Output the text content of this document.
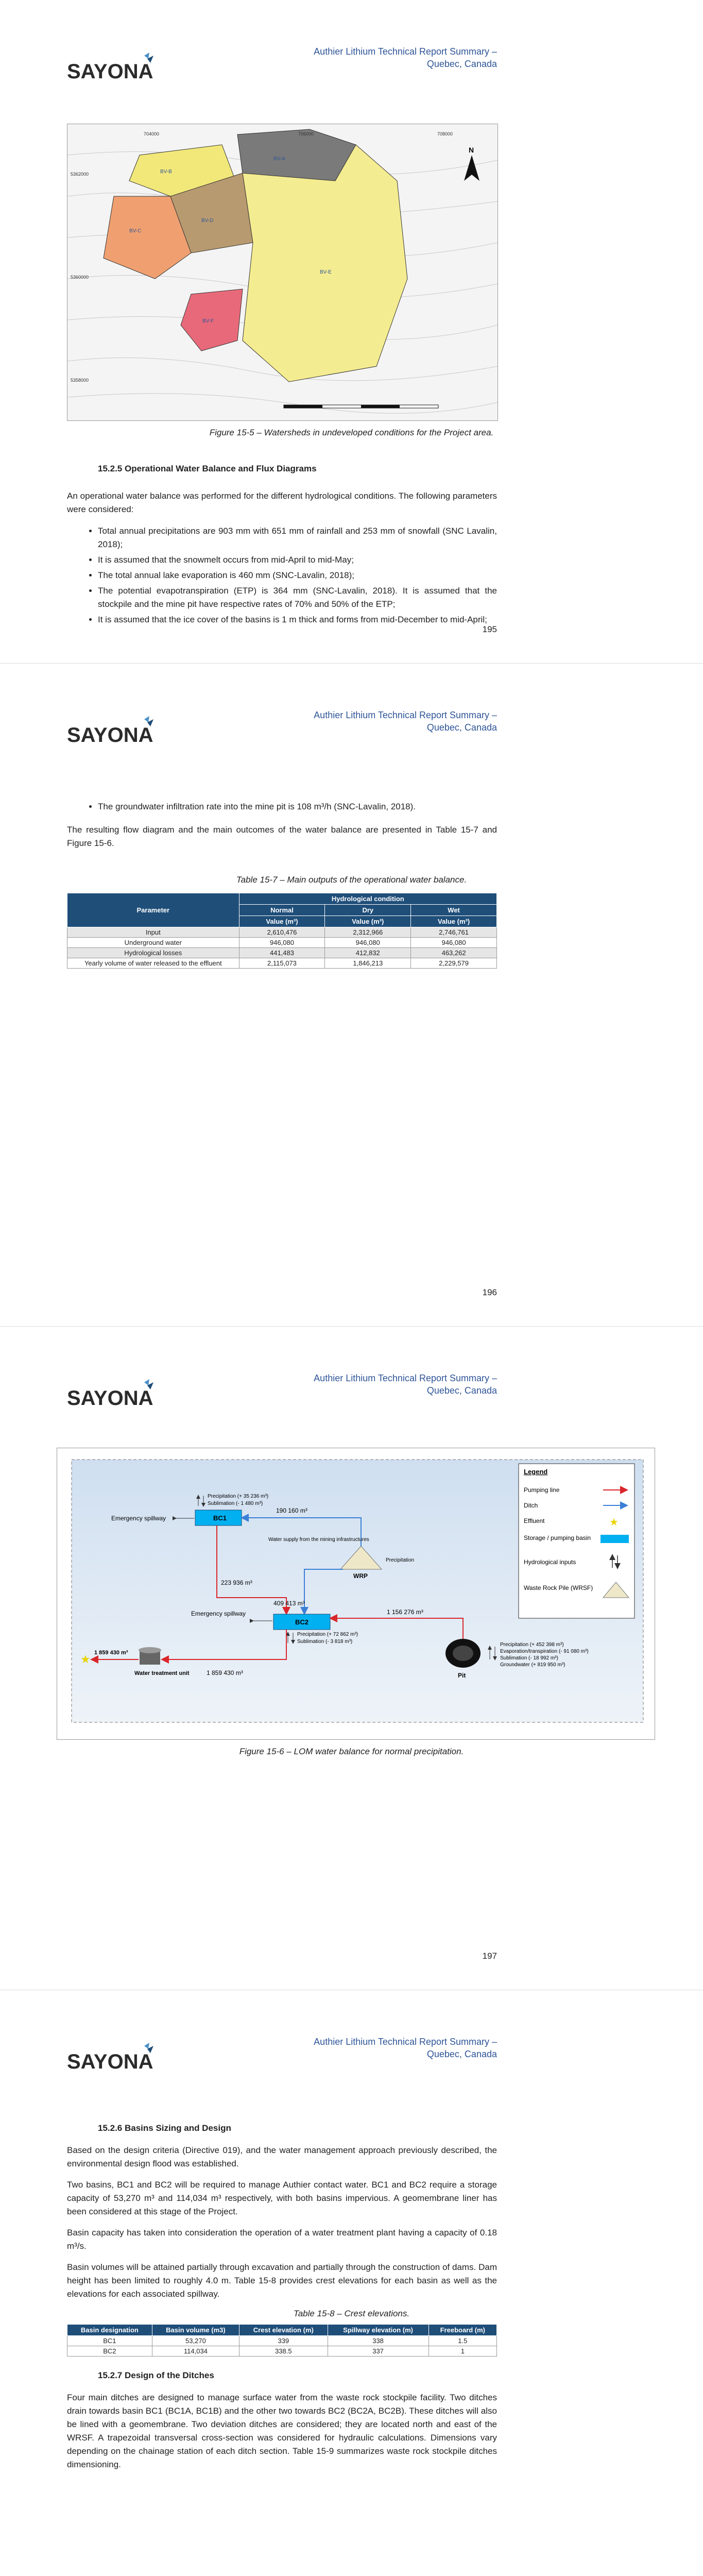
SAYONA
Authier Lithium Technical Report Summary –
Quebec, Canada
704000	706000	708000
5362000
5360000
5358000
BV-A
BV-B
BV-C
BV-D
BV-E
BV-F
N
Figure 15-5 – Watersheds in undeveloped conditions for the Project area.
15.2.5 Operational Water Balance and Flux Diagrams
An operational water balance was performed for the different hydrological conditions. The following parameters were considered:
• Total annual precipitations are 903 mm with 651 mm of rainfall and 253 mm of snowfall (SNC Lavalin, 2018);
• It is assumed that the snowmelt occurs from mid-April to mid-May;
• The total annual lake evaporation is 460 mm (SNC-Lavalin, 2018);
• The potential evapotranspiration (ETP) is 364 mm (SNC-Lavalin, 2018). It is assumed that the stockpile and the mine pit have respective rates of 70% and 50% of the ETP;
• It is assumed that the ice cover of the basins is 1 m thick and forms from mid-December to mid-April;
195
SAYONA
Authier Lithium Technical Report Summary –
Quebec, Canada
• The groundwater infiltration rate into the mine pit is 108 m³/h (SNC-Lavalin, 2018).
The resulting flow diagram and the main outcomes of the water balance are presented in Table 15-7 and Figure 15-6.
Table 15-7 – Main outputs of the operational water balance.
Parameter	Hydrological condition		
	Normal	Dry	Wet
	Value (m³)	Value (m³)	Value (m³)
Input	2,610,476	2,312,966	2,746,761
Underground water	946,080	946,080	946,080
Hydrological losses	441,483	412,832	463,262
Yearly volume of water released to the effluent	2,115,073	1,846,213	2,229,579
196
SAYONA
Authier Lithium Technical Report Summary –
Quebec, Canada
Legend
Pumping line
Ditch
Effluent	★
Storage / pumping basin
Hydrological inputs
Waste Rock Pile (WRSF)
BC1
Precipitation (+ 35 236 m³)
Sublimation (- 1 480 m³)
Emergency spillway
WRP
Precipitation
190 160 m³
Water supply from the mining infrastructures
223 936 m³
409 413 m³
BC2
Precipitation (+ 72 862 m³)
Sublimation (- 3 818 m³)
Emergency spillway
Pit
1 156 276 m³
Precipitation (+ 452 398 m³)
Evaporation/transpiration (- 91 080 m³)
Sublimation (- 18 992 m³)
Groundwater (+ 819 950 m³)
1 859 430 m³
Water treatment unit
★ 1 859 430 m³
Figure 15-6 – LOM water balance for normal precipitation.
197
SAYONA
Authier Lithium Technical Report Summary –
Quebec, Canada
15.2.6 Basins Sizing and Design
Based on the design criteria (Directive 019), and the water management approach previously described, the environmental design flood was established.
Two basins, BC1 and BC2 will be required to manage Authier contact water. BC1 and BC2 require a storage capacity of 53,270 m³ and 114,034 m³ respectively, with both basins impervious. A geomembrane liner has been considered at this stage of the Project.
Basin capacity has taken into consideration the operation of a water treatment plant having a capacity of 0.18 m³/s.
Basin volumes will be attained partially through excavation and partially through the construction of dams. Dam height has been limited to roughly 4.0 m. Table 15-8 provides crest elevations for each basin as well as the elevations for each associated spillway.
Table 15-8 – Crest elevations.
Basin designation	Basin volume (m3)	Crest elevation (m)	Spillway elevation (m)	Freeboard (m)
BC1	53,270	339	338	1.5
BC2	114,034	338.5	337	1
15.2.7 Design of the Ditches
Four main ditches are designed to manage surface water from the waste rock stockpile facility. Two ditches drain towards basin BC1 (BC1A, BC1B) and the other two towards BC2 (BC2A, BC2B). These ditches will also be lined with a geomembrane. Two deviation ditches are considered; they are located north and east of the WRSF. A trapezoidal transversal cross-section was considered for hydraulic calculations. Dimensions vary depending on the chainage station of each ditch section. Table 15-9 summarizes waste rock stockpile ditches dimensioning.
